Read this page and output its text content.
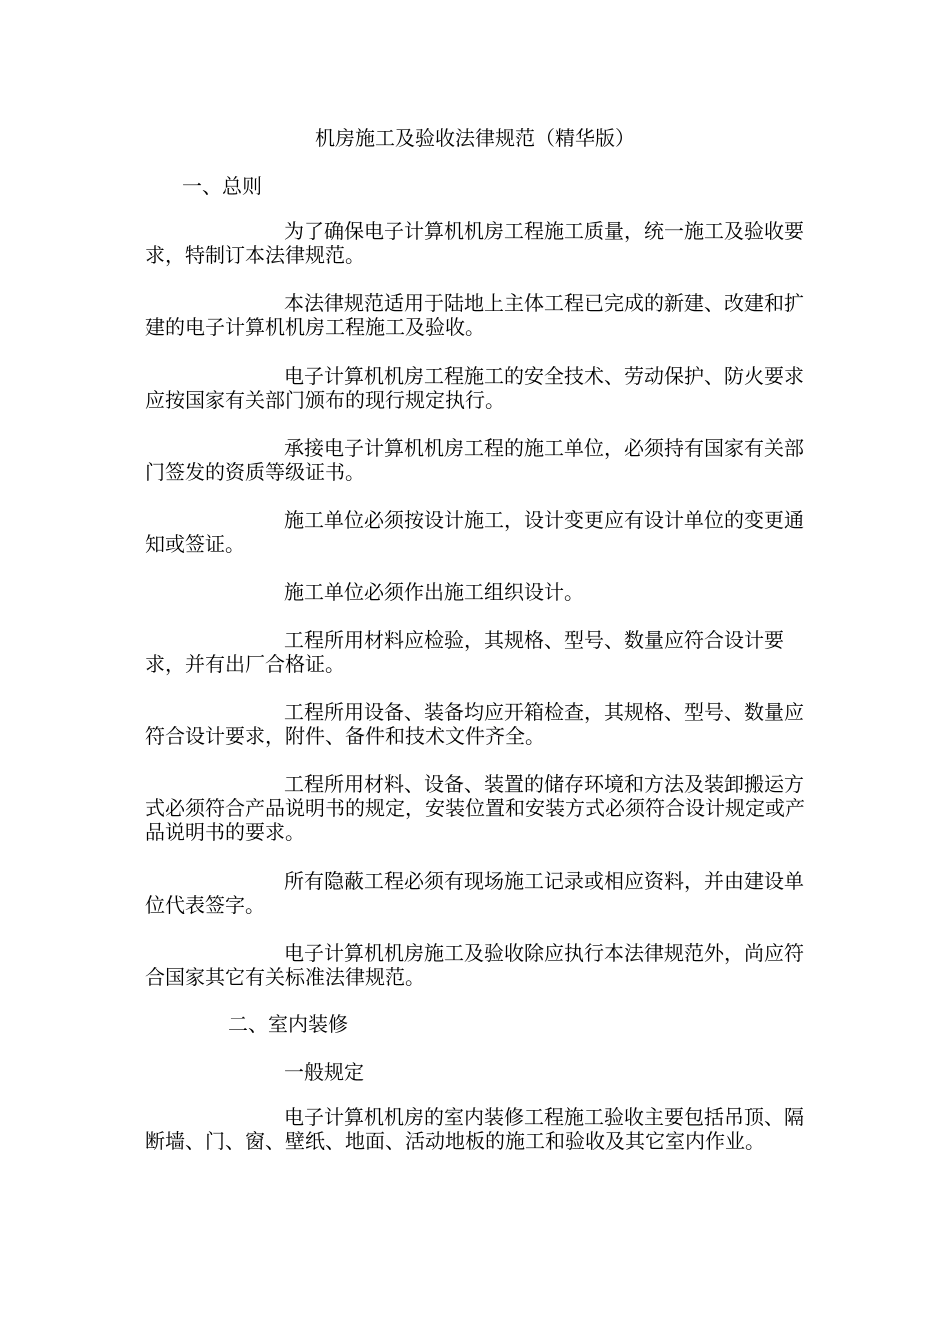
机房施工及验收法律规范（精华版）
一、总则
为了确保电子计算机机房工程施工质量，统一施工及验收要求，特制订本法律规范。
本法律规范适用于陆地上主体工程已完成的新建、改建和扩建的电子计算机机房工程施工及验收。
电子计算机机房工程施工的安全技术、劳动保护、防火要求应按国家有关部门颁布的现行规定执行。
承接电子计算机机房工程的施工单位，必须持有国家有关部门签发的资质等级证书。
施工单位必须按设计施工，设计变更应有设计单位的变更通知或签证。
施工单位必须作出施工组织设计。
工程所用材料应检验，其规格、型号、数量应符合设计要求，并有出厂合格证。
工程所用设备、装备均应开箱检查，其规格、型号、数量应符合设计要求，附件、备件和技术文件齐全。
工程所用材料、设备、装置的储存环境和方法及装卸搬运方式必须符合产品说明书的规定，安装位置和安装方式必须符合设计规定或产品说明书的要求。
所有隐蔽工程必须有现场施工记录或相应资料，并由建设单位代表签字。
电子计算机机房施工及验收除应执行本法律规范外，尚应符合国家其它有关标准法律规范。
二、室内装修
一般规定
电子计算机机房的室内装修工程施工验收主要包括吊顶、隔断墙、门、窗、壁纸、地面、活动地板的施工和验收及其它室内作业。
